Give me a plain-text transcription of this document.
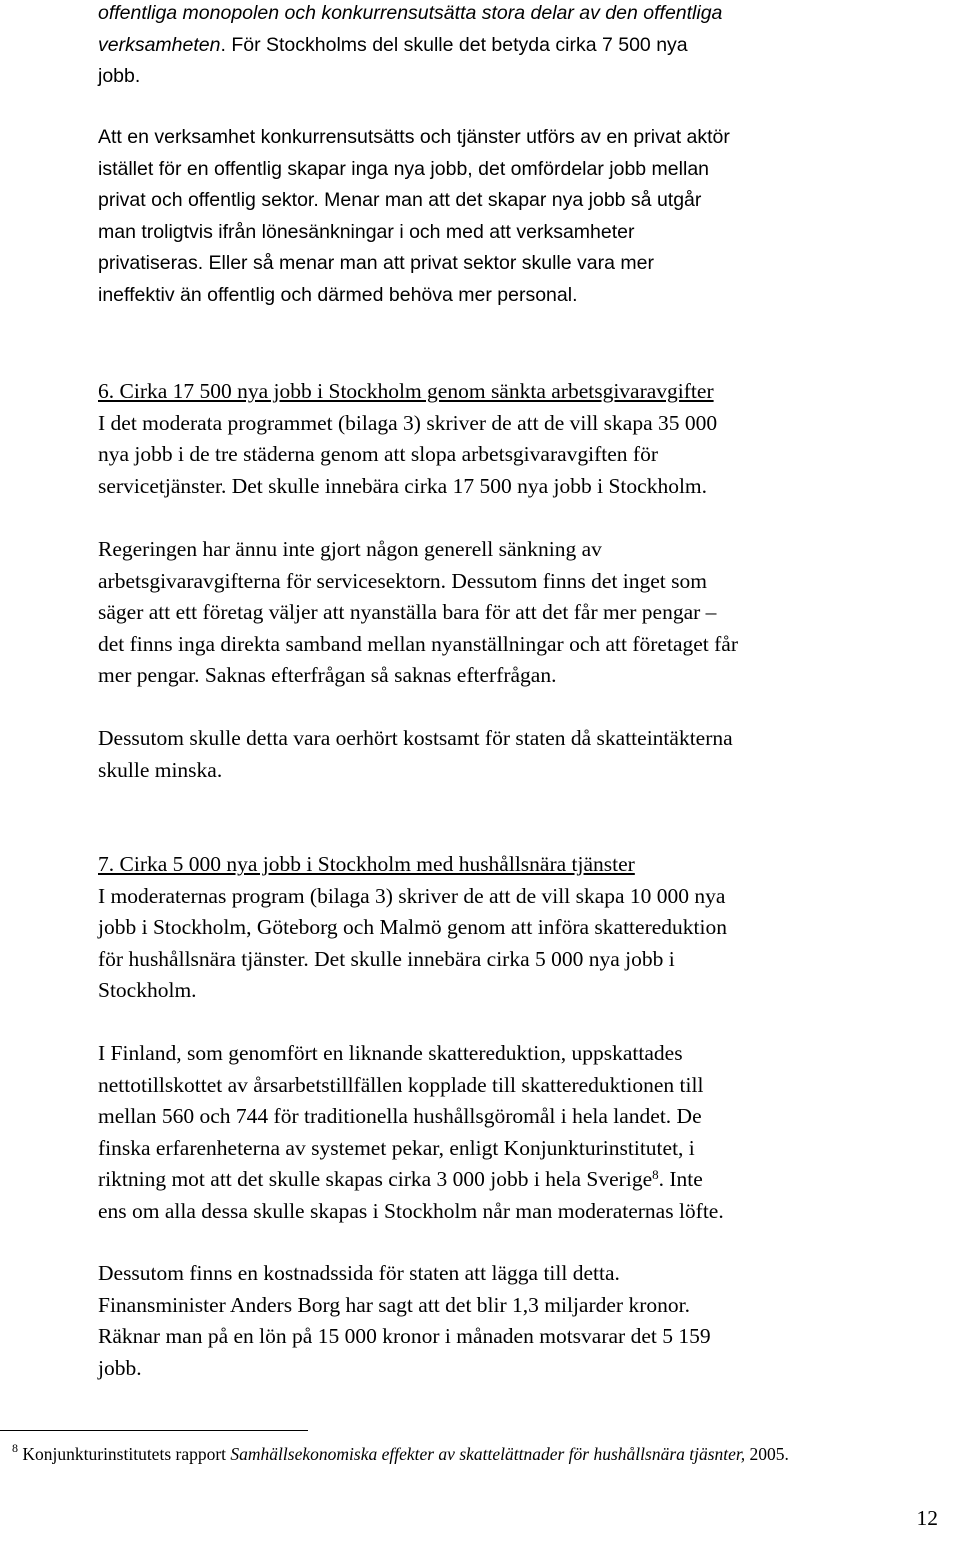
offentliga monopolen och konkurrensutsätta stora delar av den offentliga
verksamheten. För Stockholms del skulle det betyda cirka 7 500 nya
jobb.
Att en verksamhet konkurrensutsätts och tjänster utförs av en privat aktör
istället för en offentlig skapar inga nya jobb, det omfördelar jobb mellan
privat och offentlig sektor. Menar man att det skapar nya jobb så utgår
man troligtvis ifrån lönesänkningar i och med att verksamheter
privatiseras. Eller så menar man att privat sektor skulle vara mer
ineffektiv än offentlig och därmed behöva mer personal.
6. Cirka 17 500 nya jobb i Stockholm genom sänkta arbetsgivaravgifter
I det moderata programmet (bilaga 3) skriver de att de vill skapa 35 000
nya jobb i de tre städerna genom att slopa arbetsgivaravgiften för
servicetjänster. Det skulle innebära cirka 17 500 nya jobb i Stockholm.
Regeringen har ännu inte gjort någon generell sänkning av
arbetsgivaravgifterna för servicesektorn. Dessutom finns det inget som
säger att ett företag väljer att nyanställa bara för att det får mer pengar –
det finns inga direkta samband mellan nyanställningar och att företaget får
mer pengar. Saknas efterfrågan så saknas efterfrågan.
Dessutom skulle detta vara oerhört kostsamt för staten då skatteintäkterna
skulle minska.
7. Cirka 5 000 nya jobb i Stockholm med hushållsnära tjänster
I moderaternas program (bilaga 3) skriver de att de vill skapa 10 000 nya
jobb i Stockholm, Göteborg och Malmö genom att införa skattereduktion
för hushållsnära tjänster. Det skulle innebära cirka 5 000 nya jobb i
Stockholm.
I Finland, som genomfört en liknande skattereduktion, uppskattades
nettotillskottet av årsarbetstillfällen kopplade till skattereduktionen till
mellan 560 och 744 för traditionella hushållsgöromål i hela landet. De
finska erfarenheterna av systemet pekar, enligt Konjunkturinstitutet, i
riktning mot att det skulle skapas cirka 3 000 jobb i hela Sverige$^8$. Inte
ens om alla dessa skulle skapas i Stockholm når man moderaternas löfte.
Dessutom finns en kostnadssida för staten att lägga till detta.
Finansminister Anders Borg har sagt att det blir 1,3 miljarder kronor.
Räknar man på en lön på 15 000 kronor i månaden motsvarar det 5 159
jobb.
$^8$ Konjunkturinstitutets rapport Samhällsekonomiska effekter av skattelättnader för hushållsnära tjäsnter, 2005.
12
